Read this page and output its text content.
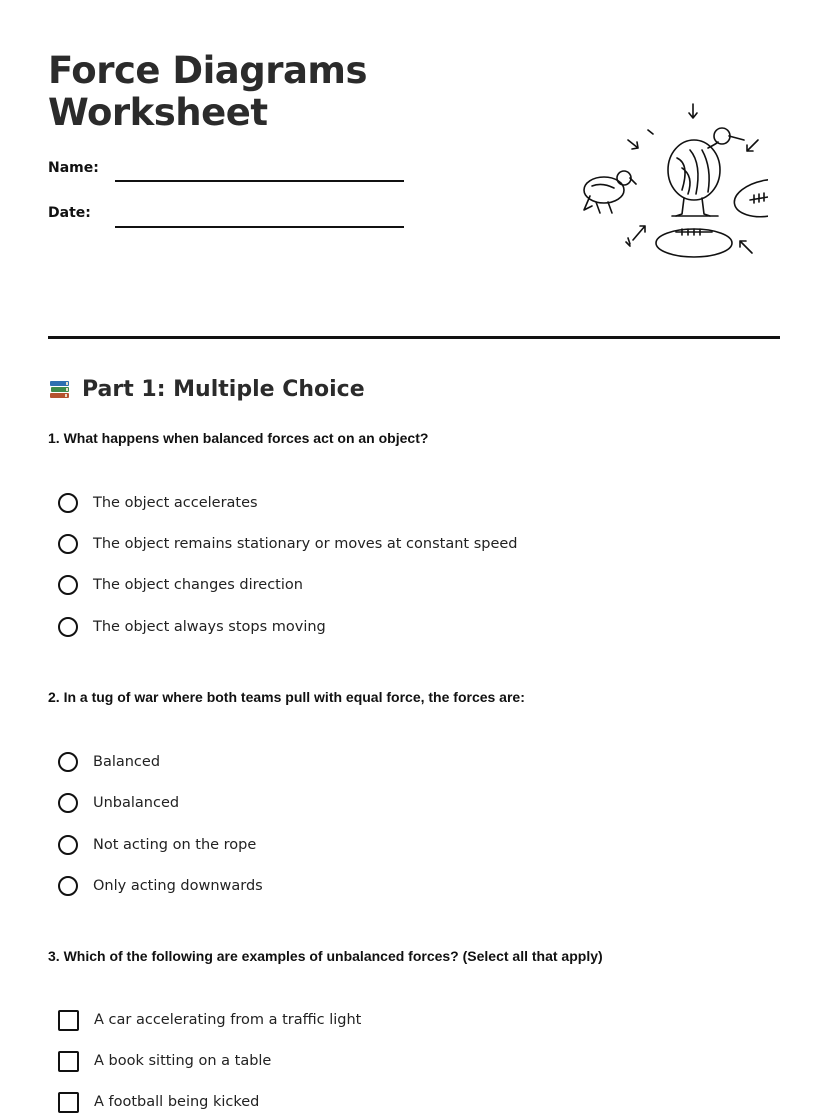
Force Diagrams
Worksheet
Name:
Date:
Part 1: Multiple Choice
1. What happens when balanced forces act on an object?
The object accelerates
The object remains stationary or moves at constant speed
The object changes direction
The object always stops moving
2. In a tug of war where both teams pull with equal force, the forces are:
Balanced
Unbalanced
Not acting on the rope
Only acting downwards
3. Which of the following are examples of unbalanced forces? (Select all that apply)
A car accelerating from a traffic light
A book sitting on a table
A football being kicked
